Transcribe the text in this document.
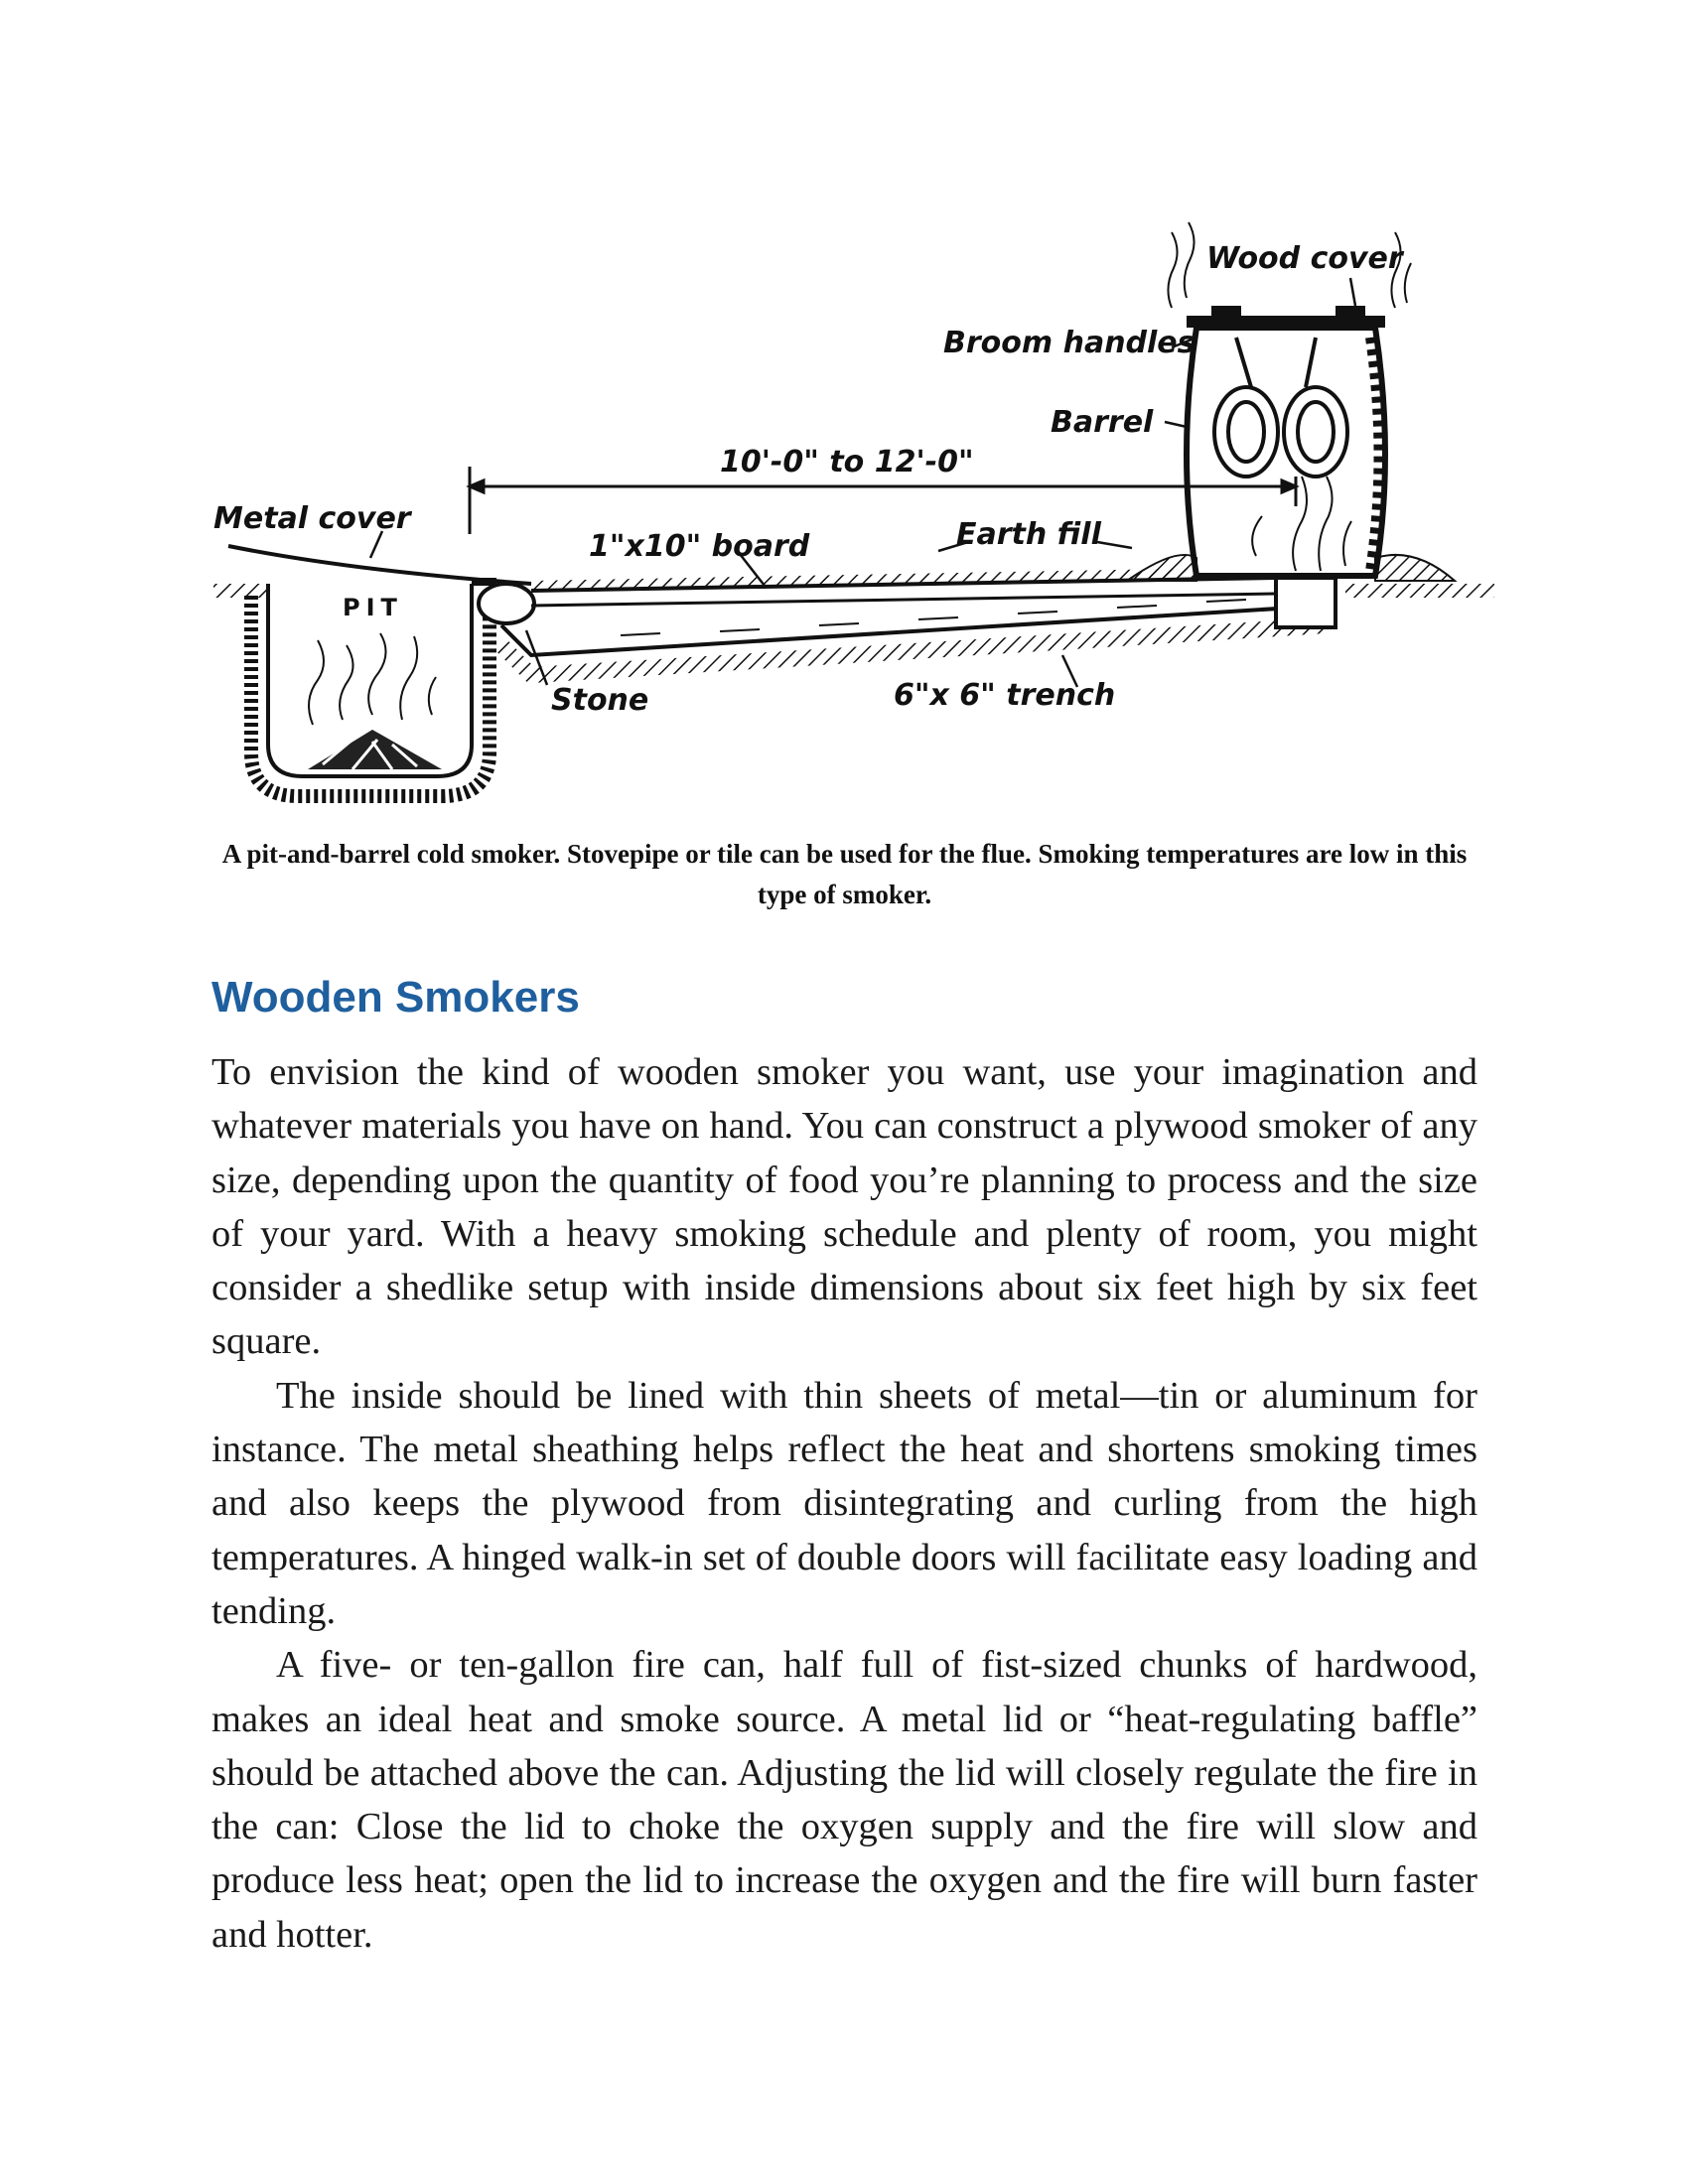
Wood cover
Broom handles
Barrel
10'-0" to 12'-0"
Metal cover
1"x10" board	Earth fill
PIT
Stone	6"x 6" trench
A pit-and-barrel cold smoker. Stovepipe or tile can be used for the flue. Smoking temperatures are low in this type of smoker.
Wooden Smokers

To envision the kind of wooden smoker you want, use your imagination and whatever materials you have on hand. You can construct a plywood smoker of any size, depending upon the quantity of food you’re planning to process and the size of your yard. With a heavy smoking schedule and plenty of room, you might consider a shedlike setup with inside dimensions about six feet high by six feet square.

The inside should be lined with thin sheets of metal—tin or aluminum for instance. The metal sheathing helps reflect the heat and shortens smoking times and also keeps the plywood from disintegrating and curling from the high temperatures. A hinged walk-in set of double doors will facilitate easy loading and tending.

A five- or ten-gallon fire can, half full of fist-sized chunks of hardwood, makes an ideal heat and smoke source. A metal lid or “heat-regulating baffle” should be attached above the can. Adjusting the lid will closely regulate the fire in the can: Close the lid to choke the oxygen supply and the fire will slow and produce less heat; open the lid to increase the oxygen and the fire will burn faster and hotter.
